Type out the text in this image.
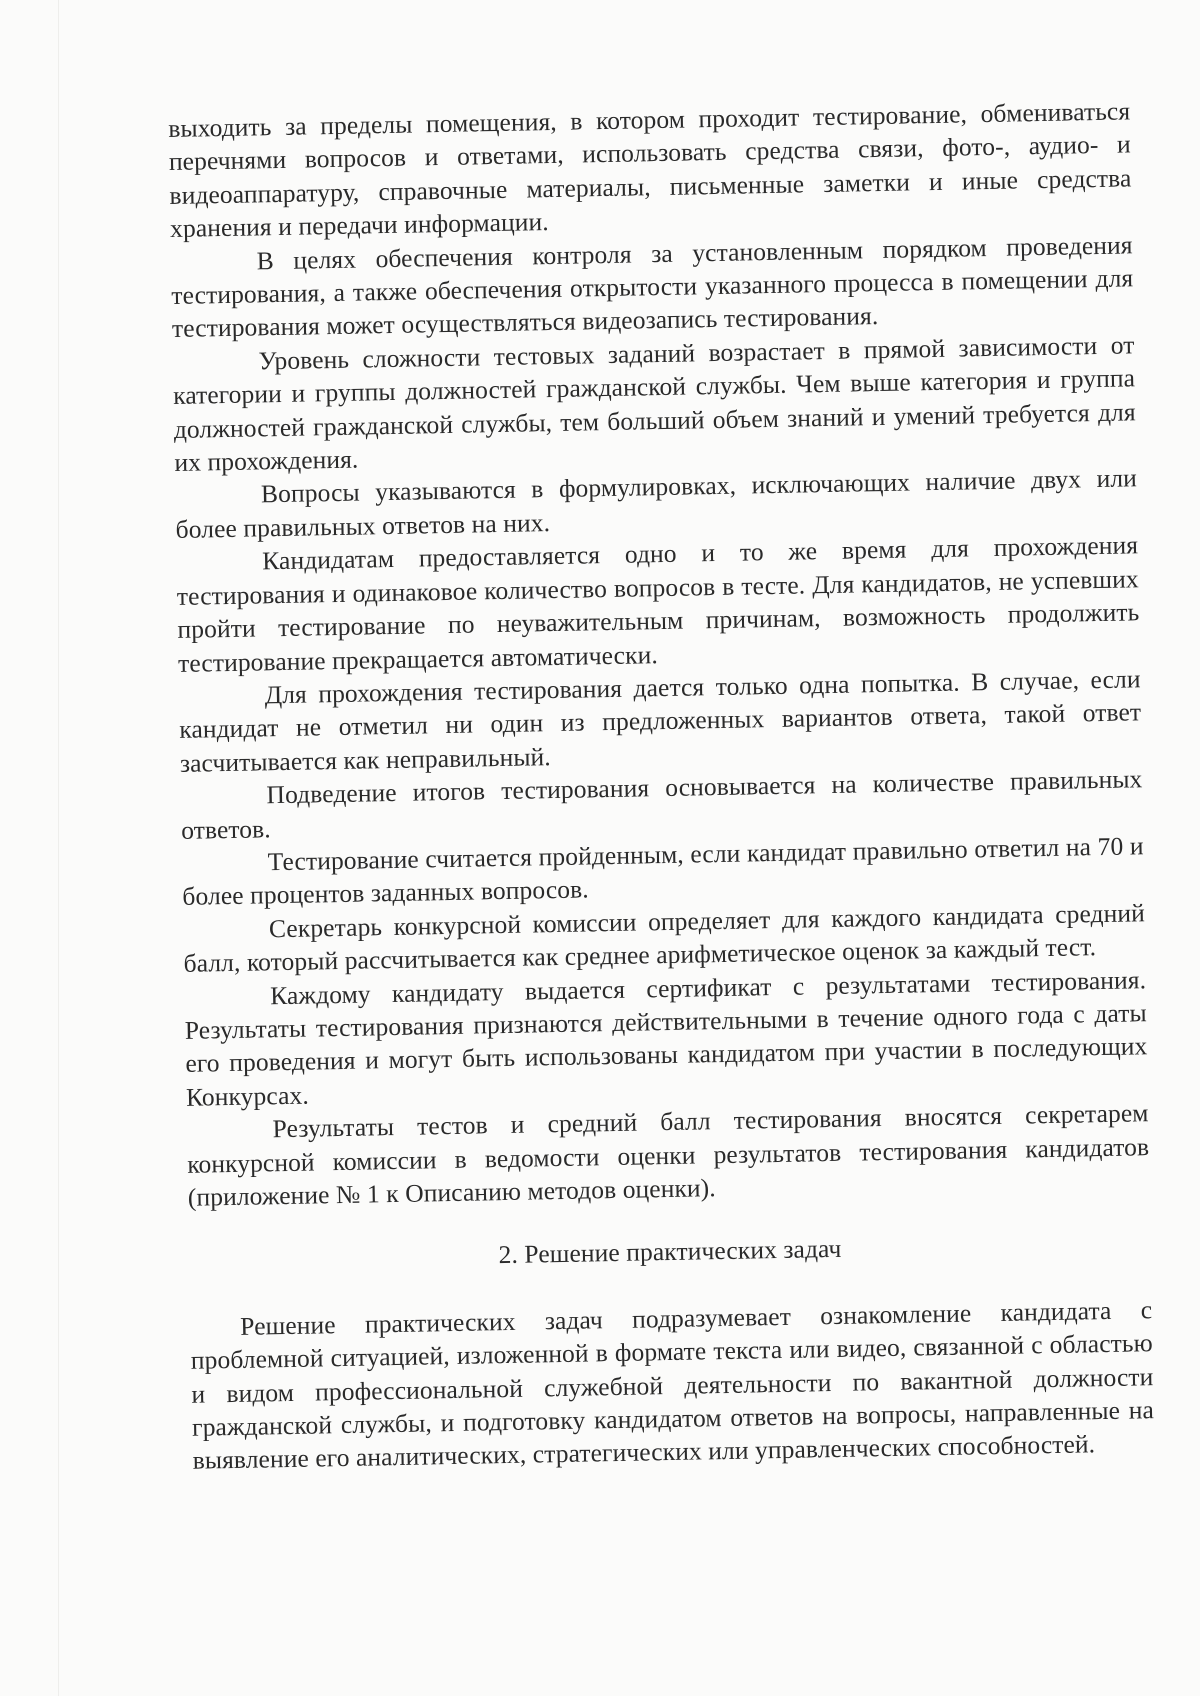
выходить за пределы помещения, в котором проходит тестирование, обмениваться перечнями вопросов и ответами, использовать средства связи, фото-, аудио- и видеоаппаратуру, справочные материалы, письменные заметки и иные средства хранения и передачи информации.

В целях обеспечения контроля за установленным порядком проведения тестирования, а также обеспечения открытости указанного процесса в помещении для тестирования может осуществляться видеозапись тестирования.

Уровень сложности тестовых заданий возрастает в прямой зависимости от категории и группы должностей гражданской службы. Чем выше категория и группа должностей гражданской службы, тем больший объем знаний и умений требуется для их прохождения.

Вопросы указываются в формулировках, исключающих наличие двух или более правильных ответов на них.

Кандидатам предоставляется одно и то же время для прохождения тестирования и одинаковое количество вопросов в тесте. Для кандидатов, не успевших пройти тестирование по неуважительным причинам, возможность продолжить тестирование прекращается автоматически.

Для прохождения тестирования дается только одна попытка. В случае, если кандидат не отметил ни один из предложенных вариантов ответа, такой ответ засчитывается как неправильный.

Подведение итогов тестирования основывается на количестве правильных ответов.

Тестирование считается пройденным, если кандидат правильно ответил на 70 и более процентов заданных вопросов.

Секретарь конкурсной комиссии определяет для каждого кандидата средний балл, который рассчитывается как среднее арифметическое оценок за каждый тест.

Каждому кандидату выдается сертификат с результатами тестирования. Результаты тестирования признаются действительными в течение одного года с даты его проведения и могут быть использованы кандидатом при участии в последующих Конкурсах.

Результаты тестов и средний балл тестирования вносятся секретарем конкурсной комиссии в ведомости оценки результатов тестирования кандидатов (приложение № 1 к Описанию методов оценки).

2. Решение практических задач

Решение практических задач подразумевает ознакомление кандидата с проблемной ситуацией, изложенной в формате текста или видео, связанной с областью и видом профессиональной служебной деятельности по вакантной должности гражданской службы, и подготовку кандидатом ответов на вопросы, направленные на выявление его аналитических, стратегических или управленческих способностей.
